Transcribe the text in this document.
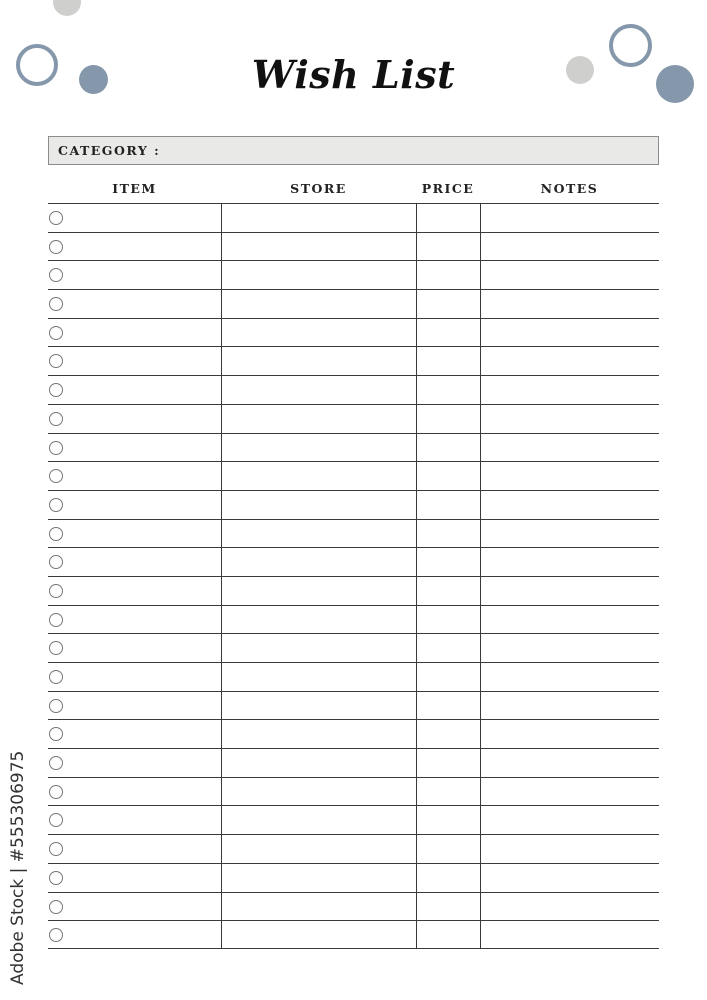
Wish List
CATEGORY :
ITEM	STORE	PRICE	NOTES
Adobe Stock | #555306975
